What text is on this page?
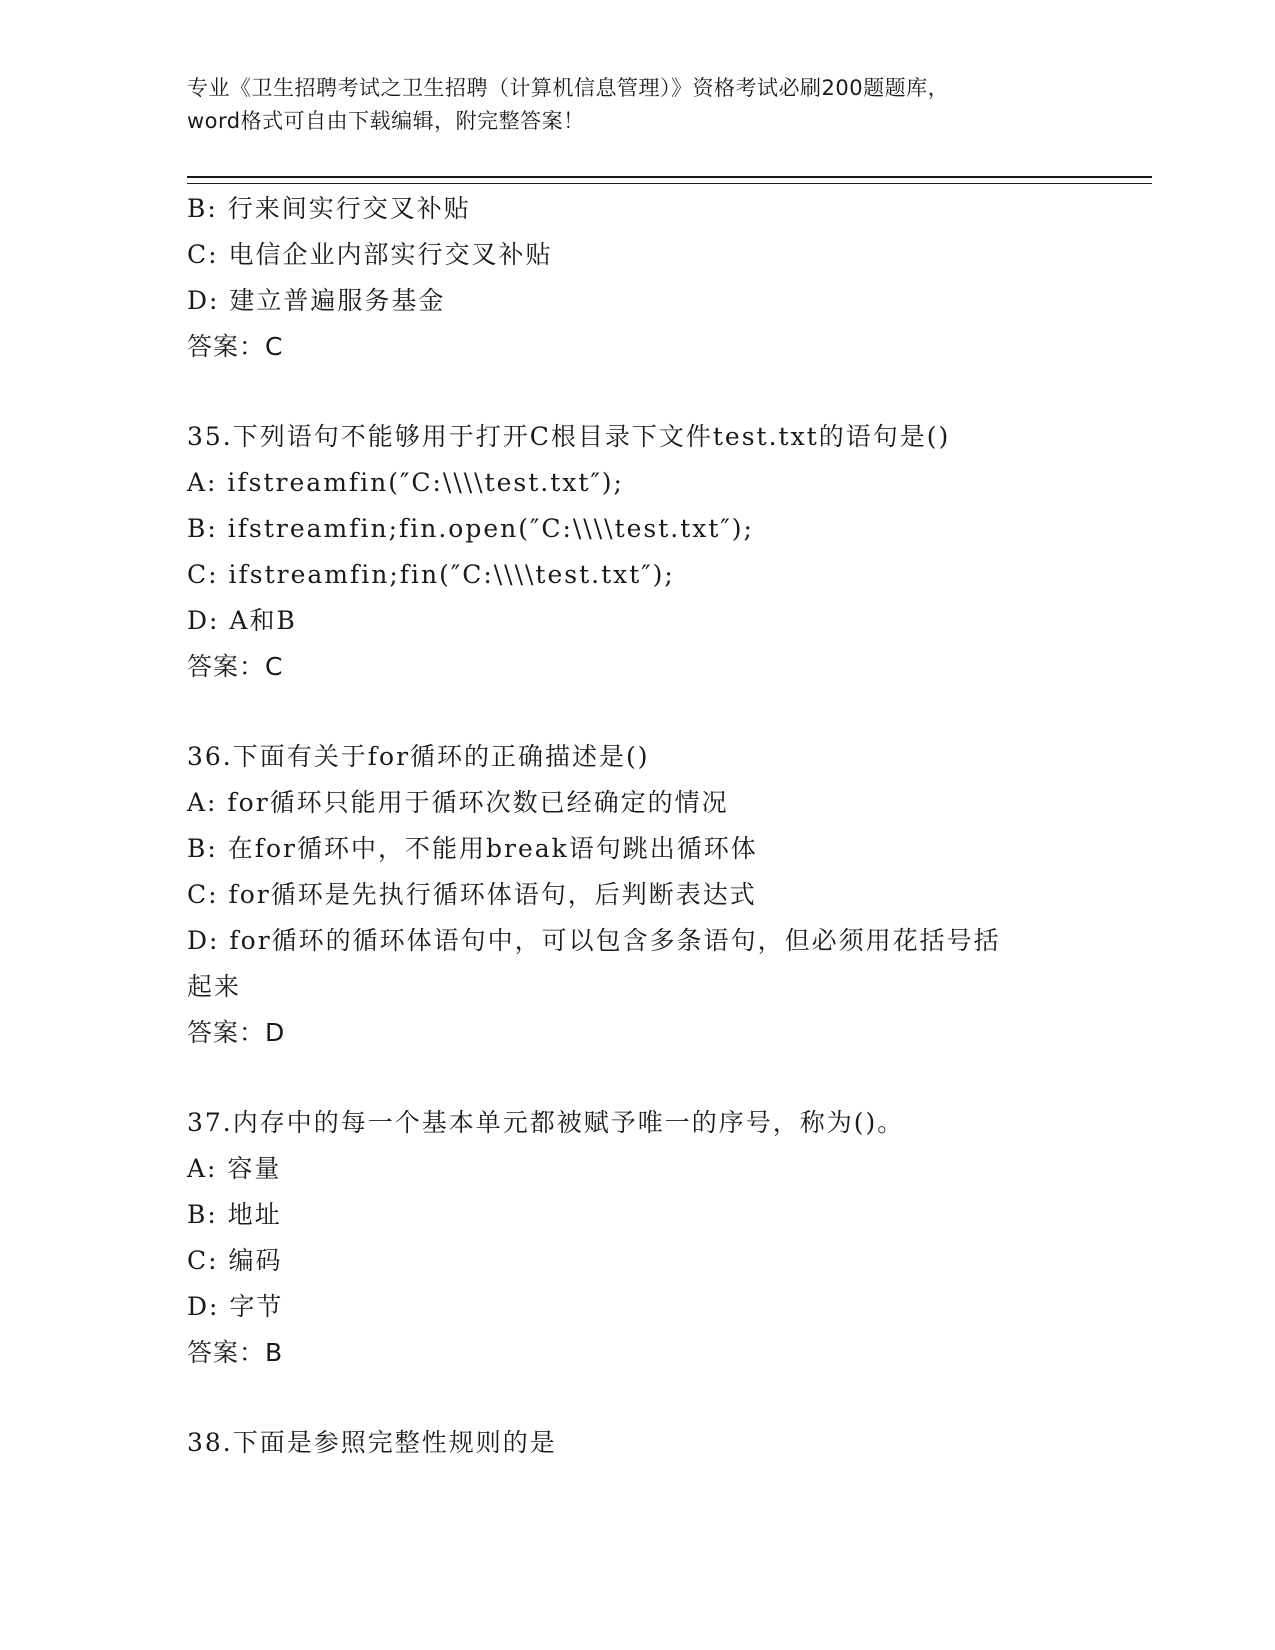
专业《卫生招聘考试之卫生招聘（计算机信息管理）》资格考试必刷200题题库，
word格式可自由下载编辑，附完整答案！
B: 行来间实行交叉补贴
C: 电信企业内部实行交叉补贴
D: 建立普遍服务基金
答案：C
35.下列语句不能够用于打开C根目录下文件test.txt的语句是()
A: ifstreamfin(″C:\\\\test.txt″);
B: ifstreamfin;fin.open(″C:\\\\test.txt″);
C: ifstreamfin;fin(″C:\\\\test.txt″);
D: A和B
答案：C
36.下面有关于for循环的正确描述是()
A: for循环只能用于循环次数已经确定的情况
B: 在for循环中，不能用break语句跳出循环体
C: for循环是先执行循环体语句，后判断表达式
D: for循环的循环体语句中，可以包含多条语句，但必须用花括号括
起来
答案：D
37.内存中的每一个基本单元都被赋予唯一的序号，称为()。
A: 容量
B: 地址
C: 编码
D: 字节
答案：B
38.下面是参照完整性规则的是
